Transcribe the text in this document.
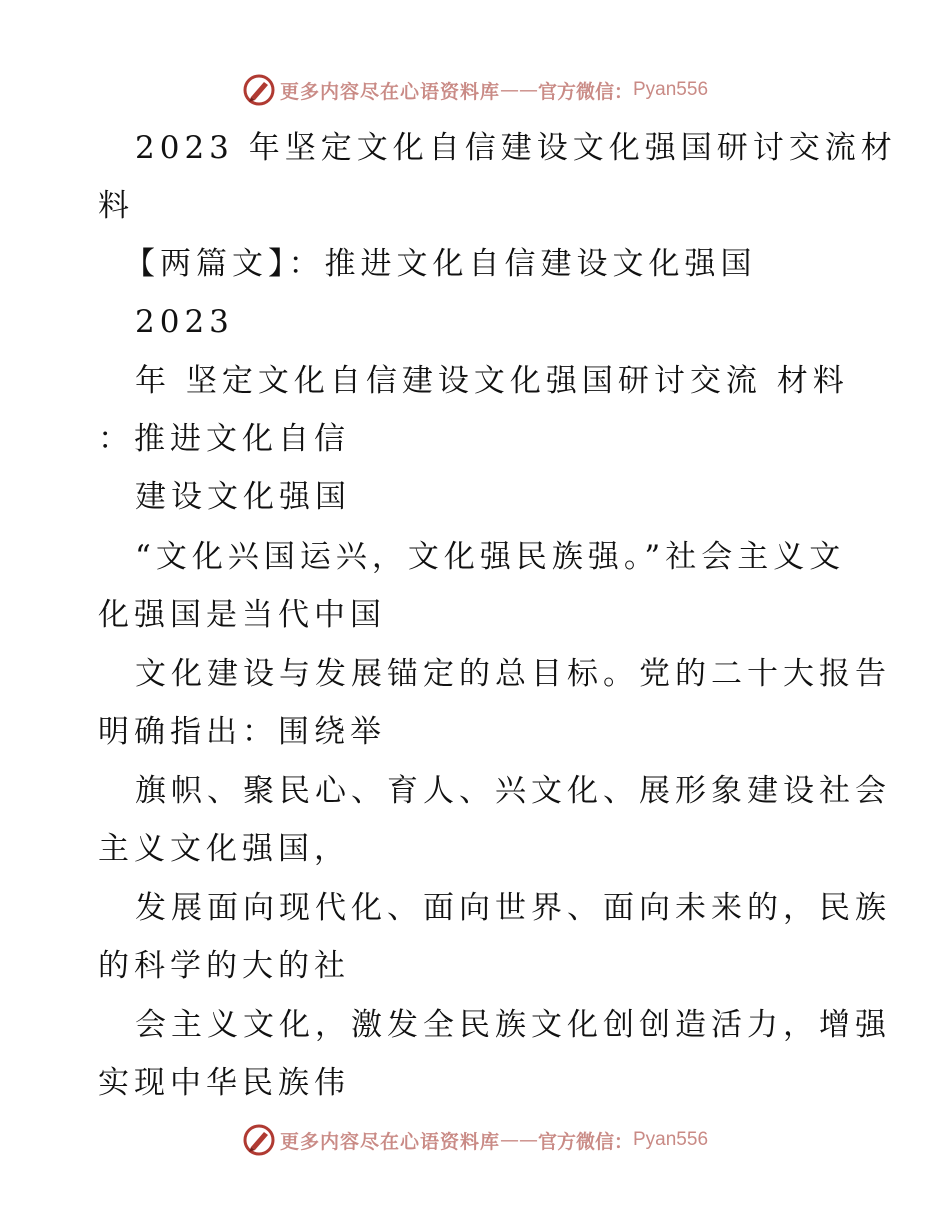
更多内容尽在心语资料库 —— 官方微信： Pyan556
2023 年坚定文化自信建设文化强国研讨交流材
料
【两篇文】：推进文化自信建设文化强国
2023
年 坚定文化自信建设文化强国研讨交流 材料
：推进文化自信
建设文化强国
“文化兴国运兴，文化强民族强。”社会主义文
化强国是当代中国
文化建设与发展锚定的总目标。党的二十大报告
明确指出：围绕举
旗帜、聚民心、育人、兴文化、展形象建设社会
主义文化强国，
发展面向现代化、面向世界、面向未来的，民族
的科学的大的社
会主义文化，激发全民族文化创创造活力，增强
实现中华民族伟
更多内容尽在心语资料库 —— 官方微信： Pyan556
